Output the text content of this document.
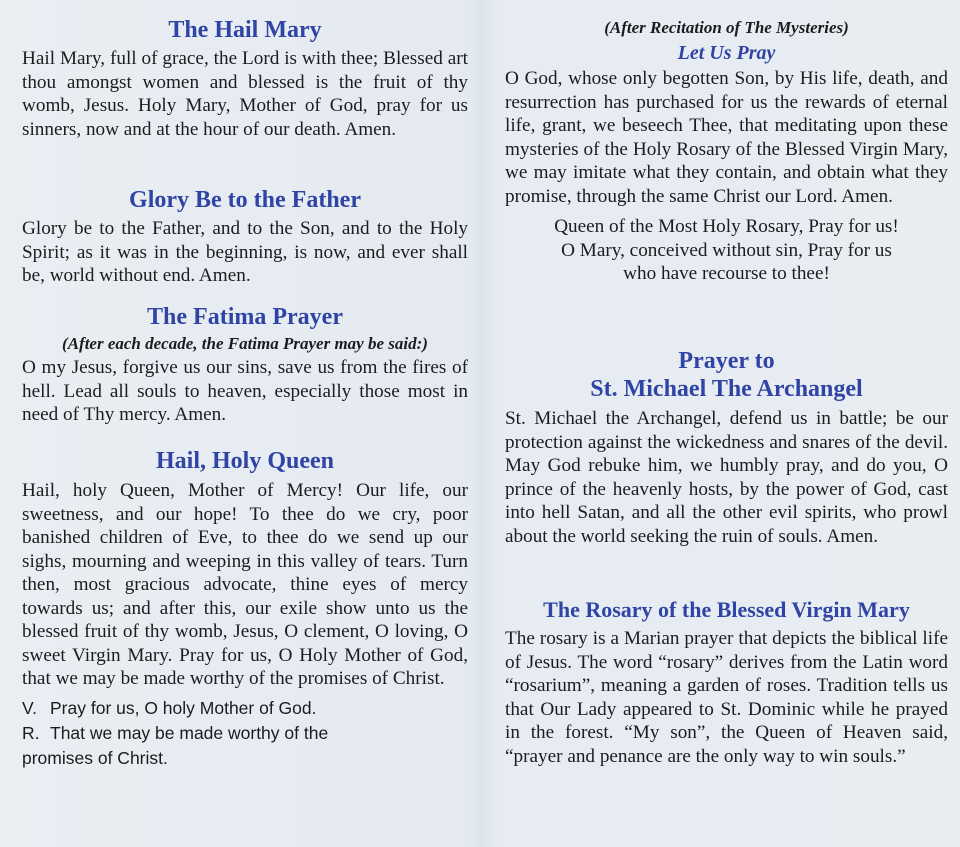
The Hail Mary

Hail Mary, full of grace, the Lord is with thee; Blessed art thou amongst women and blessed is the fruit of thy womb, Jesus. Holy Mary, Mother of God, pray for us sinners, now and at the hour of our death. Amen.

Glory Be to the Father

Glory be to the Father, and to the Son, and to the Holy Spirit; as it was in the beginning, is now, and ever shall be, world without end. Amen.

The Fatima Prayer

(After each decade, the Fatima Prayer may be said:)

O my Jesus, forgive us our sins, save us from the fires of hell. Lead all souls to heaven, especially those most in need of Thy mercy. Amen.

Hail, Holy Queen

Hail, holy Queen, Mother of Mercy! Our life, our sweetness, and our hope! To thee do we cry, poor banished children of Eve, to thee do we send up our sighs, mourning and weeping in this valley of tears. Turn then, most gracious advocate, thine eyes of mercy towards us; and after this, our exile show unto us the blessed fruit of thy womb, Jesus, O clement, O loving, O sweet Virgin Mary. Pray for us, O Holy Mother of God, that we may be made worthy of the promises of Christ.

V. Pray for us, O holy Mother of God.

R. That we may be made worthy of the

promises of Christ.

(After Recitation of The Mysteries)

Let Us Pray

O God, whose only begotten Son, by His life, death, and resurrection has purchased for us the rewards of eternal life, grant, we beseech Thee, that meditating upon these mysteries of the Holy Rosary of the Blessed Virgin Mary, we may imitate what they contain, and obtain what they promise, through the same Christ our Lord. Amen.

Queen of the Most Holy Rosary, Pray for us!

O Mary, conceived without sin, Pray for us

who have recourse to thee!

Prayer to
St. Michael The Archangel

St. Michael the Archangel, defend us in battle; be our protection against the wickedness and snares of the devil. May God rebuke him, we humbly pray, and do you, O prince of the heavenly hosts, by the power of God, cast into hell Satan, and all the other evil spirits, who prowl about the world seeking the ruin of souls. Amen.

The Rosary of the Blessed Virgin Mary

The rosary is a Marian prayer that depicts the biblical life of Jesus. The word “rosary” derives from the Latin word “rosarium”, meaning a garden of roses. Tradition tells us that Our Lady appeared to St. Dominic while he prayed in the forest. “My son”, the Queen of Heaven said, “prayer and penance are the only way to win souls.”
